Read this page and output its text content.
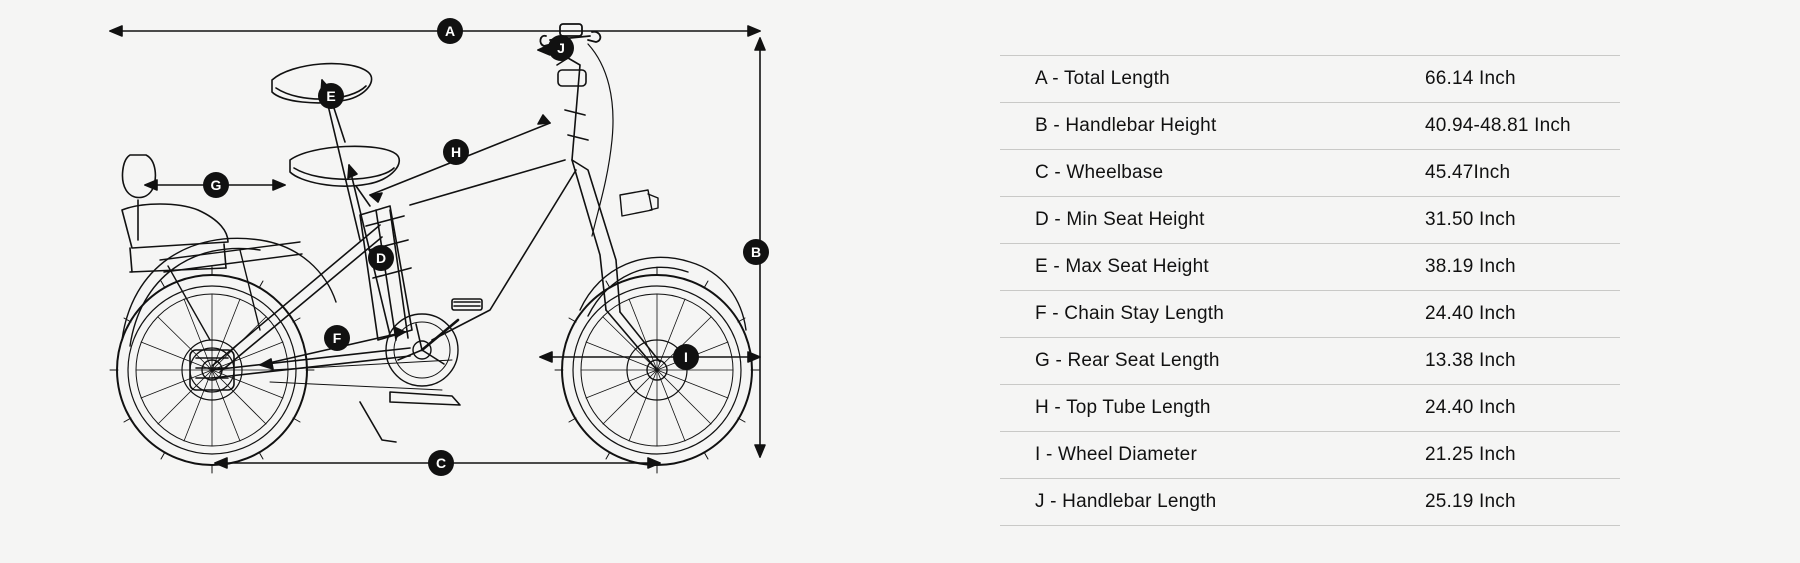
A
B
C
D
E
F
G
H
I
J
A - Total Length	66.14 Inch
B - Handlebar Height	40.94-48.81 Inch
C - Wheelbase	45.47Inch
D - Min Seat Height	31.50 Inch
E - Max Seat Height	38.19 Inch
F - Chain Stay Length	24.40 Inch
G - Rear Seat Length	13.38 Inch
H - Top Tube Length	24.40 Inch
I - Wheel Diameter	21.25 Inch
J - Handlebar Length	25.19 Inch
